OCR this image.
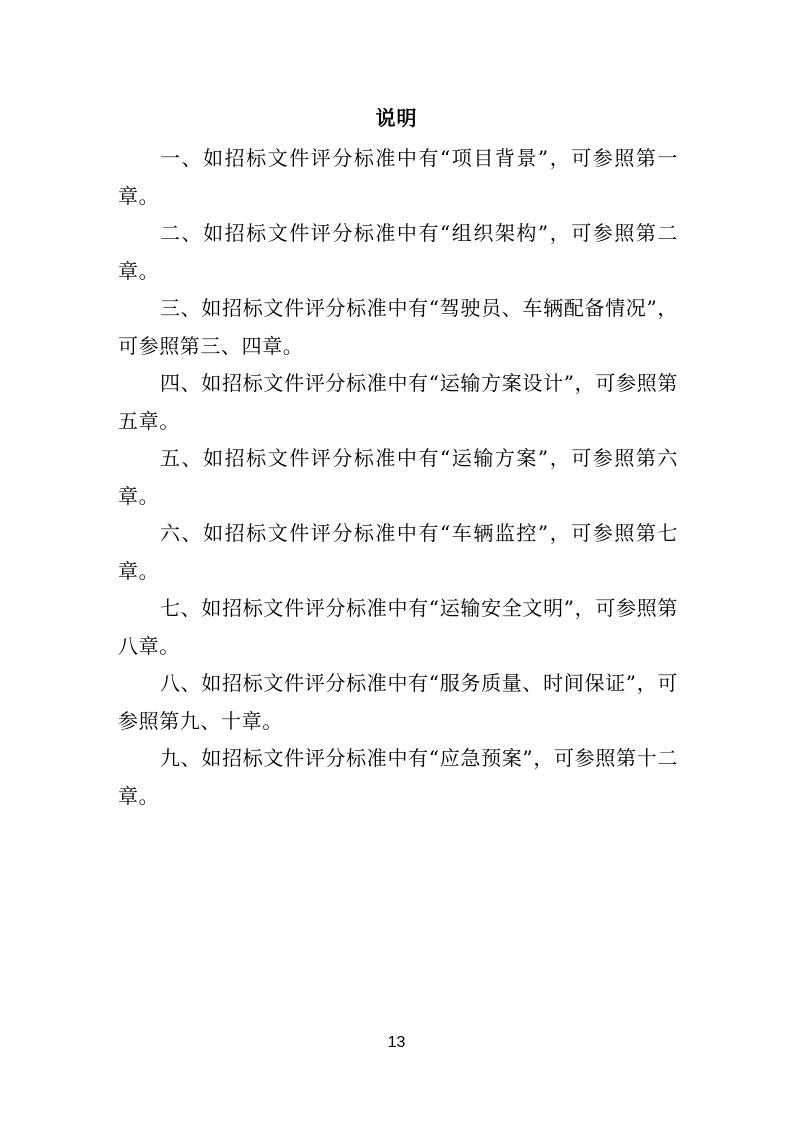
说明

一、如招标文件评分标准中有“项目背景”，可参照第一章。

二、如招标文件评分标准中有“组织架构”，可参照第二章。

三、如招标文件评分标准中有“驾驶员、车辆配备情况”，可参照第三、四章。

四、如招标文件评分标准中有“运输方案设计”，可参照第五章。

五、如招标文件评分标准中有“运输方案”，可参照第六章。

六、如招标文件评分标准中有“车辆监控”，可参照第七章。

七、如招标文件评分标准中有“运输安全文明”，可参照第八章。

八、如招标文件评分标准中有“服务质量、时间保证”，可参照第九、十章。

九、如招标文件评分标准中有“应急预案”，可参照第十二章。

13
